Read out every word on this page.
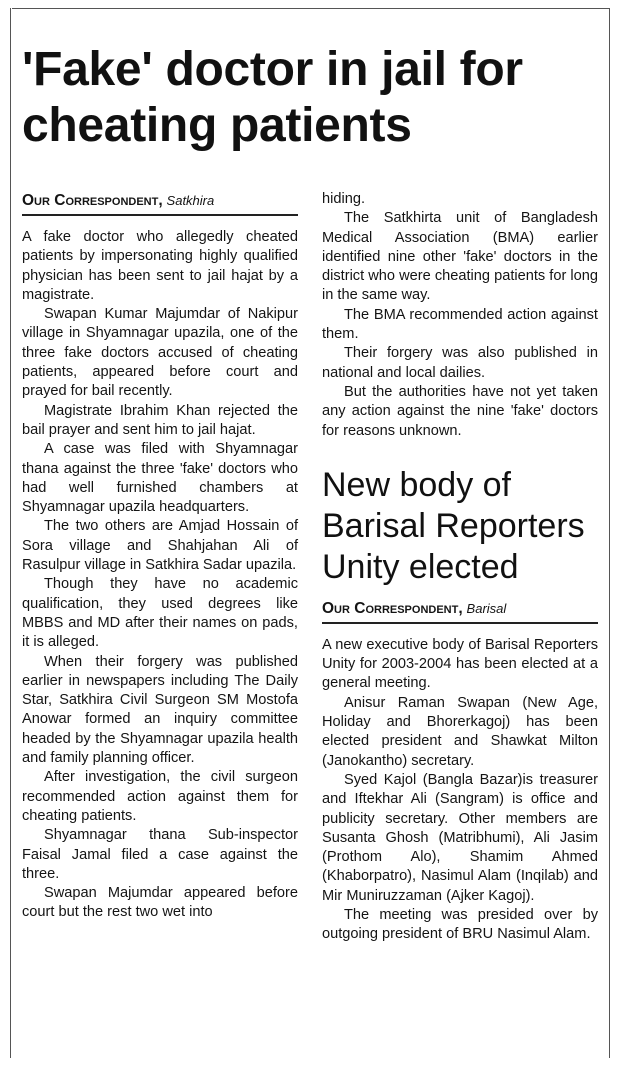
'Fake' doctor in jail for cheating patients
Our Correspondent, Satkhira

A fake doctor who allegedly cheated patients by impersonating highly qualified physician has been sent to jail hajat by a magistrate.

Swapan Kumar Majumdar of Nakipur village in Shyamnagar upazila, one of the three fake doctors accused of cheating patients, appeared before court and prayed for bail recently.

Magistrate Ibrahim Khan rejected the bail prayer and sent him to jail hajat.

A case was filed with Shyamnagar thana against the three 'fake' doctors who had well furnished chambers at Shyamnagar upazila headquarters.

The two others are Amjad Hossain of Sora village and Shahjahan Ali of Rasulpur village in Satkhira Sadar upazila.

Though they have no academic qualification, they used degrees like MBBS and MD after their names on pads, it is alleged.

When their forgery was published earlier in newspapers including The Daily Star, Satkhira Civil Surgeon SM Mostofa Anowar formed an inquiry committee headed by the Shyamnagar upazila health and family planning officer.

After investigation, the civil surgeon recommended action against them for cheating patients.

Shyamnagar thana Sub-inspector Faisal Jamal filed a case against the three.

Swapan Majumdar appeared before court but the rest two wet into

hiding.

The Satkhirta unit of Bangladesh Medical Association (BMA) earlier identified nine other 'fake' doctors in the district who were cheating patients for long in the same way.

The BMA recommended action against them.

Their forgery was also published in national and local dailies.

But the authorities have not yet taken any action against the nine 'fake' doctors for reasons unknown.

New body of Barisal Reporters Unity elected
Our Correspondent, Barisal

A new executive body of Barisal Reporters Unity for 2003-2004 has been elected at a general meeting.

Anisur Raman Swapan (New Age, Holiday and Bhorerkagoj) has been elected president and Shawkat Milton (Janokantho) secretary.

Syed Kajol (Bangla Bazar)is treasurer and Iftekhar Ali (Sangram) is office and publicity secretary. Other members are Susanta Ghosh (Matribhumi), Ali Jasim (Prothom Alo), Shamim Ahmed (Khaborpatro), Nasimul Alam (Inqilab) and Mir Muniruzzaman (Ajker Kagoj).

The meeting was presided over by outgoing president of BRU Nasimul Alam.
